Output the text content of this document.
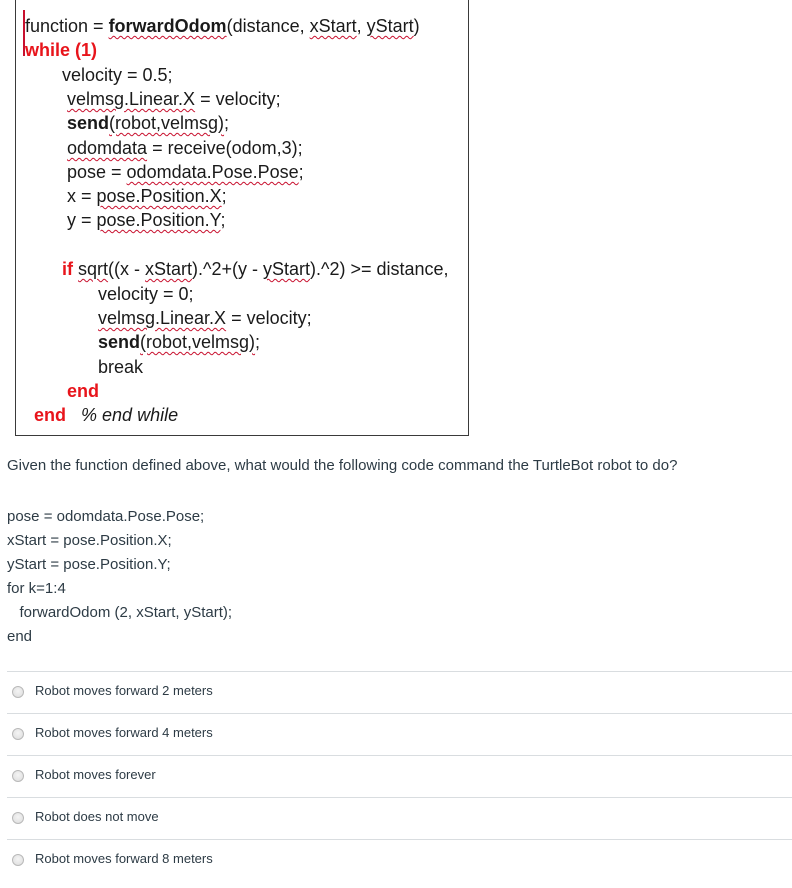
function = forwardOdom(distance, xStart, yStart)
while (1)
velocity = 0.5;
velmsg.Linear.X = velocity;
send(robot,velmsg);
odomdata = receive(odom,3);
pose = odomdata.Pose.Pose;
x = pose.Position.X;
y = pose.Position.Y;
if sqrt((x - xStart).^2+(y - yStart).^2) >= distance,
velocity = 0;
velmsg.Linear.X = velocity;
send(robot,velmsg);
break
end
end % end while
Given the function defined above, what would the following code command the TurtleBot robot to do?
pose = odomdata.Pose.Pose;
xStart = pose.Position.X;
yStart = pose.Position.Y;
for k=1:4
forwardOdom (2, xStart, yStart);
end
Robot moves forward 2 meters
Robot moves forward 4 meters
Robot moves forever
Robot does not move
Robot moves forward 8 meters
